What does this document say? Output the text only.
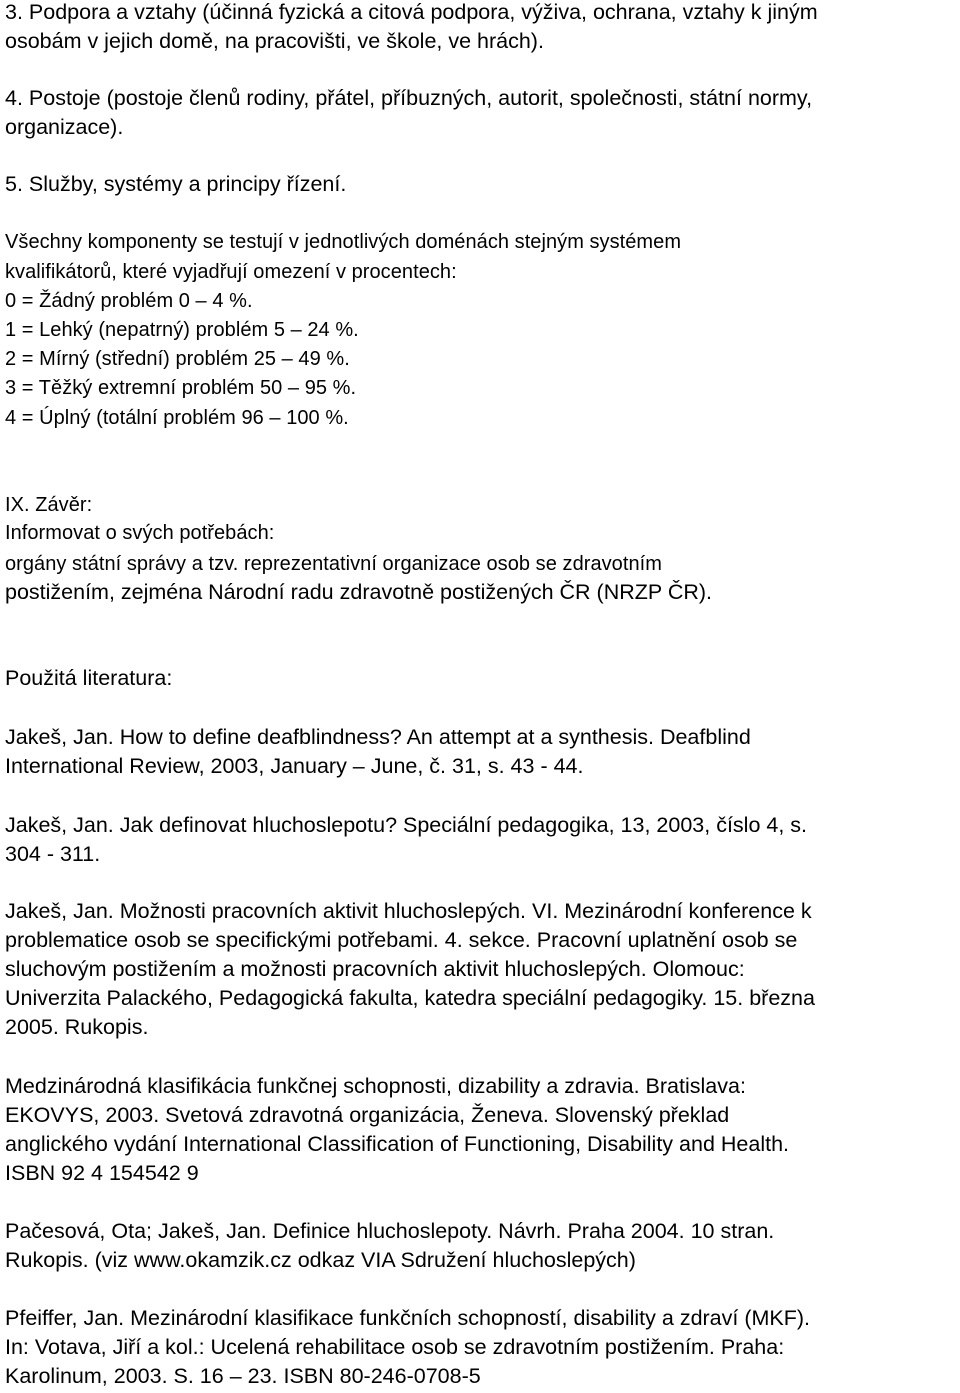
3. Podpora a vztahy (účinná fyzická a citová podpora, výživa, ochrana, vztahy k jiným
osobám v jejich domě, na pracovišti, ve škole, ve hrách).
4. Postoje (postoje členů rodiny, přátel, příbuzných, autorit, společnosti, státní normy,
organizace).
5. Služby, systémy a principy řízení.
Všechny komponenty se testují v jednotlivých doménách stejným systémem
kvalifikátorů, které vyjadřují omezení v procentech:
0 = Žádný problém 0 – 4 %.
1 = Lehký (nepatrný) problém 5 – 24 %.
2 = Mírný (střední) problém 25 – 49 %.
3 = Těžký extremní problém 50 – 95 %.
4 = Úplný (totální problém 96 – 100 %.
IX. Závěr:
Informovat o svých potřebách:
orgány státní správy a tzv. reprezentativní organizace osob se zdravotním
postižením, zejména Národní radu zdravotně postižených ČR (NRZP ČR).
Použitá literatura:
Jakeš, Jan. How to define deafblindness? An attempt at a synthesis. Deafblind
International Review, 2003, January – June, č. 31, s. 43 - 44.
Jakeš, Jan. Jak definovat hluchoslepotu? Speciální pedagogika, 13, 2003, číslo 4, s.
304 - 311.
Jakeš, Jan. Možnosti pracovních aktivit hluchoslepých. VI. Mezinárodní konference k
problematice osob se specifickými potřebami. 4. sekce. Pracovní uplatnění osob se
sluchovým postižením a možnosti pracovních aktivit hluchoslepých. Olomouc:
Univerzita Palackého, Pedagogická fakulta, katedra speciální pedagogiky. 15. března
2005. Rukopis.
Medzinárodná klasifikácia funkčnej schopnosti, dizability a zdravia. Bratislava:
EKOVYS, 2003. Svetová zdravotná organizácia, Ženeva. Slovenský překlad
anglického vydání International Classification of Functioning, Disability and Health.
ISBN 92 4 154542 9
Pačesová, Ota; Jakeš, Jan. Definice hluchoslepoty. Návrh. Praha 2004. 10 stran.
Rukopis. (viz www.okamzik.cz odkaz VIA Sdružení hluchoslepých)
Pfeiffer, Jan. Mezinárodní klasifikace funkčních schopností, disability a zdraví (MKF).
In: Votava, Jiří a kol.: Ucelená rehabilitace osob se zdravotním postižením. Praha:
Karolinum, 2003. S. 16 – 23. ISBN 80-246-0708-5
